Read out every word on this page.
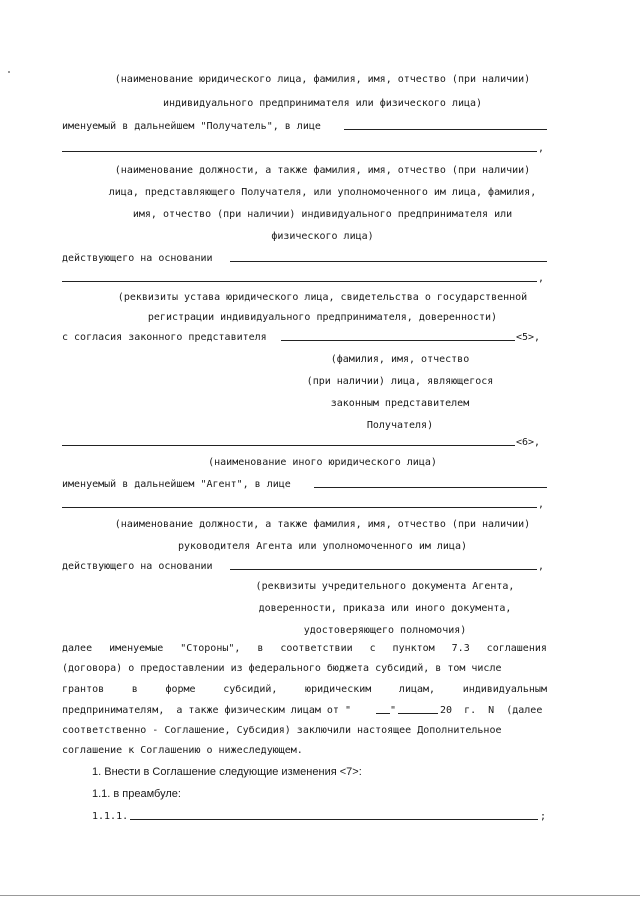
(наименование юридического лица, фамилия, имя, отчество (при наличии)
индивидуального предпринимателя или физического лица)
именуемый в дальнейшем "Получатель", в лице
,
(наименование должности, а также фамилия, имя, отчество (при наличии)
лица, представляющего Получателя, или уполномоченного им лица, фамилия,
имя, отчество (при наличии) индивидуального предпринимателя или
физического лица)
действующего на основании
,
(реквизиты устава юридического лица, свидетельства о государственной
регистрации индивидуального предпринимателя, доверенности)
с согласия законного представителя	<5>,
(фамилия, имя, отчество
(при наличии) лица, являющегося
законным представителем
Получателя)
<6>,
(наименование иного юридического лица)
именуемый в дальнейшем "Агент", в лице
,
(наименование должности, а также фамилия, имя, отчество (при наличии)
руководителя Агента или уполномоченного им лица)
действующего на основании	,
(реквизиты учредительного документа Агента,
доверенности, приказа или иного документа,
удостоверяющего полномочия)
далее именуемые "Стороны", в соответствии с пунктом 7.3 соглашения
(договора) о предоставлении из федерального бюджета субсидий, в том числе
грантов	в	форме	субсидий,	юридическим	лицам,	индивидуальным
предпринимателям,  а также физическим лицам от "	"	20  г.  N  (далее
соответственно - Соглашение, Субсидия) заключили настоящее Дополнительное
соглашение к Соглашению о нижеследующем.
1. Внести в Соглашение следующие изменения <7>:
1.1. в преамбуле:
1.1.1.	;
